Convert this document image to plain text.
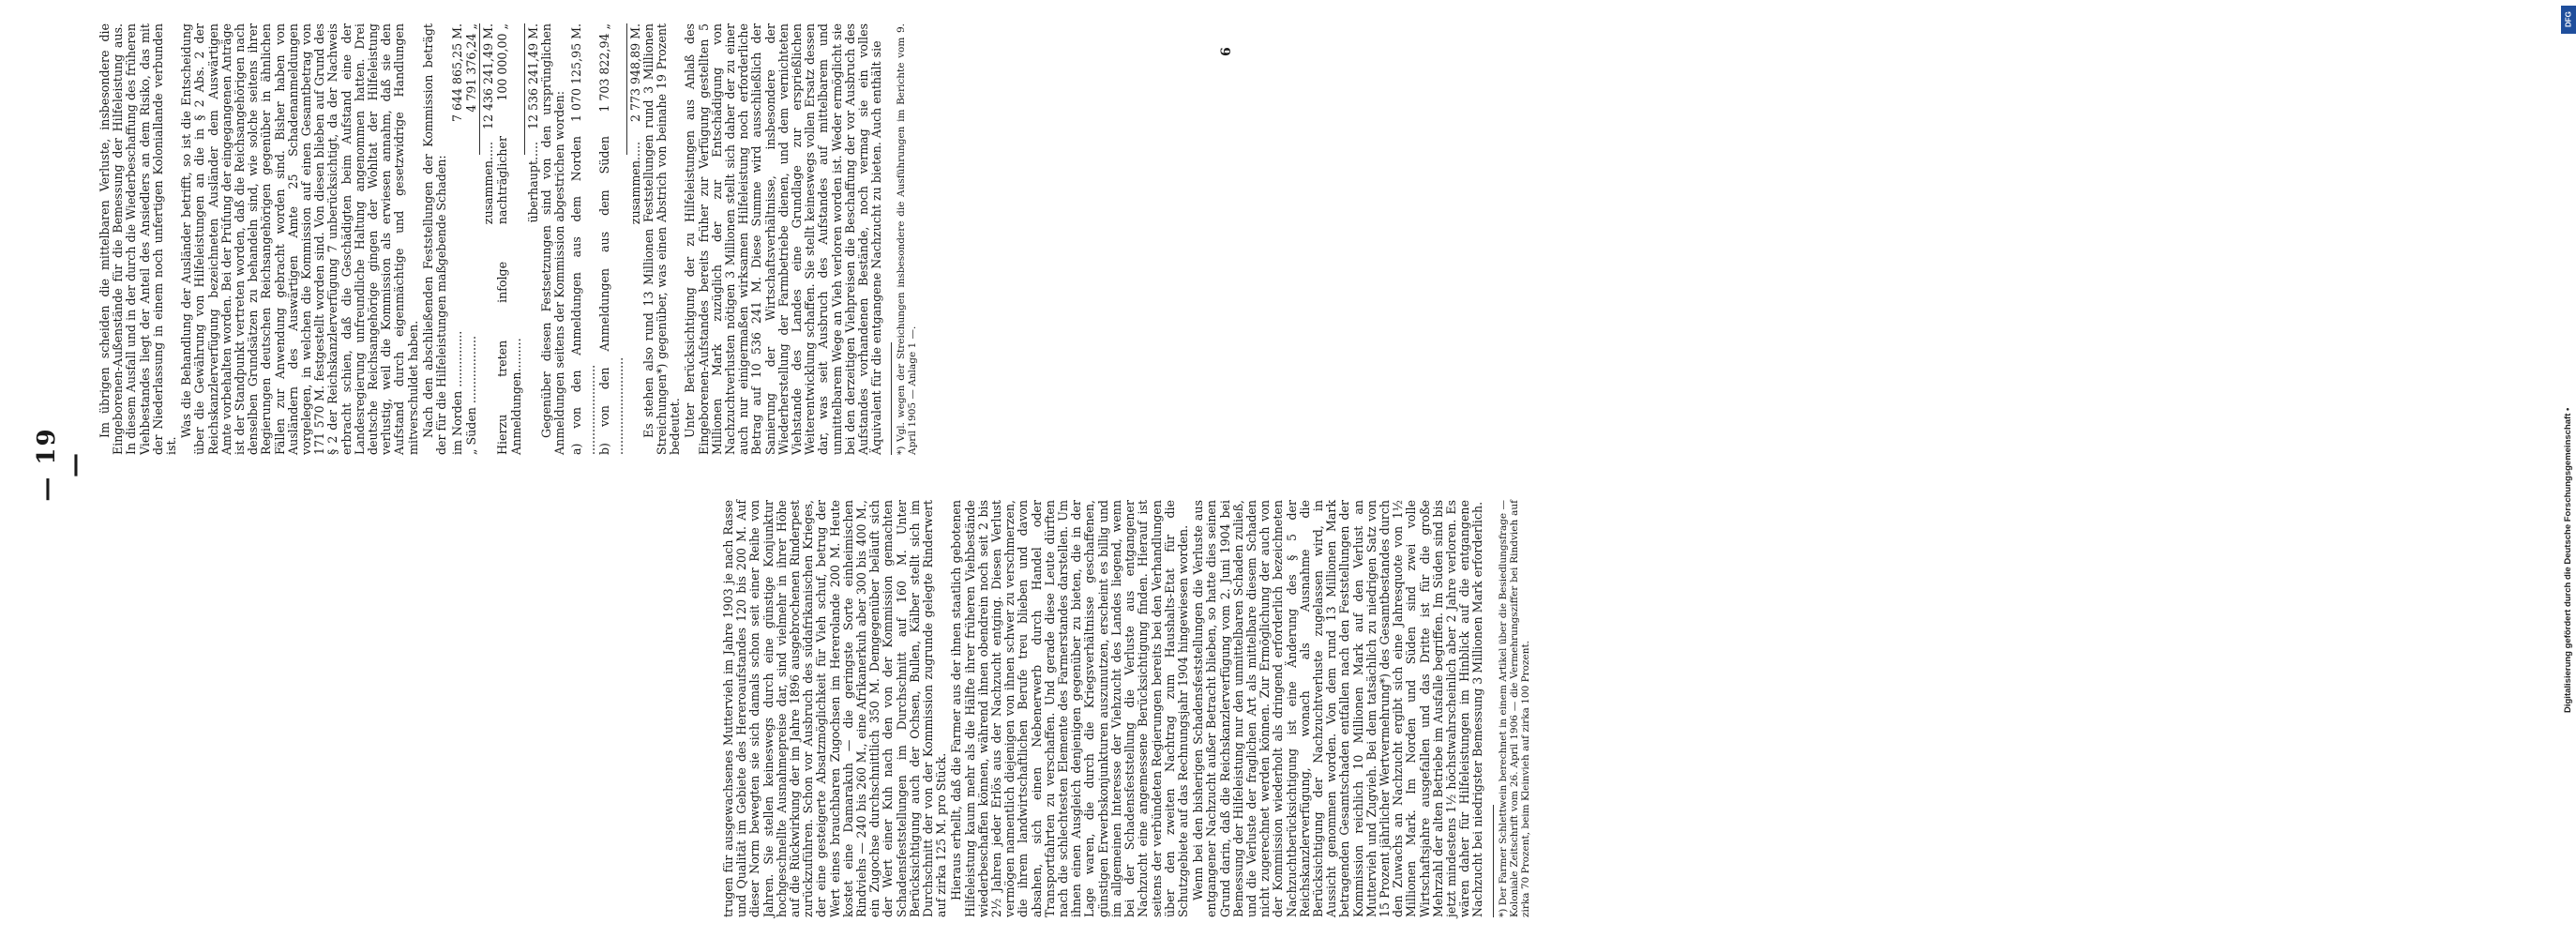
— 19 —

trugen für ausgewachsenes Muttervieh im Jahre 1903 je nach Rasse und Qualität im Gebiete des Hereroaufstandes 120 bis 200 M. Auf dieser Norm bewegten sie sich damals schon seit einer Reihe von Jahren. Sie stellen keineswegs durch eine günstige Konjunktur hochgeschnellte Ausnahmepreise dar, sind vielmehr in ihrer Höhe auf die Rückwirkung der im Jahre 1896 ausgebrochenen Rinderpest zurückzuführen. Schon vor Ausbruch des südafrikanischen Krieges, der eine gesteigerte Absatzmöglichkeit für Vieh schuf, betrug der Wert eines brauchbaren Zugochsen im Hererolande 200 M. Heute kostet eine Damarakuh — die geringste Sorte einheimischen Rindviehs — 240 bis 260 M., eine Afrikanerkuh aber 300 bis 400 M., ein Zugochse durchschnittlich 350 M. Demgegenüber beläuft sich der Wert einer Kuh nach den von der Kommission gemachten Schadensfeststellungen im Durchschnitt auf 160 M. Unter Berücksichtigung auch der Ochsen, Bullen, Kälber stellt sich im Durchschnitt der von der Kommission zugrunde gelegte Rinderwert auf zirka 125 M. pro Stück. Hieraus erhellt, daß die Farmer aus der ihnen staatlich gebotenen Hilfeleistung kaum mehr als die Hälfte ihrer früheren Viehbestände wiederbeschaffen können, während ihnen obendrein noch seit 2 bis 2½ Jahren jeder Erlös aus der Nachzucht entging. Diesen Verlust vermögen namentlich diejenigen von ihnen schwer zu verschmerzen, die ihrem landwirtschaftlichen Berufe treu blieben und davon absahen, sich einen Nebenerwerb durch Handel oder Transportfahrten zu verschaffen. Und gerade diese Leute dürften nach die schlechtesten Elemente des Farmerstandes darstellen. Um ihnen einen Ausgleich denjenigen gegenüber zu bieten, die in der Lage waren, die durch die Kriegsverhältnisse geschaffenen, günstigen Erwerbskonjunkturen auszunutzen, erscheint es billig und im allgemeinen Interesse der Viehzucht des Landes liegend, wenn bei der Schadensfeststellung die Verluste aus entgangener Nachzucht eine angemessene Berücksichtigung finden. Hierauf ist seitens der verbündeten Regierungen bereits bei den Verhandlungen über den zweiten Nachtrag zum Haushalts-Etat für die Schutzgebiete auf das Rechnungsjahr 1904 hingewiesen worden. Wenn bei den bisherigen Schadensfeststellungen die Verluste aus entgangener Nachzucht außer Betracht blieben, so hatte dies seinen Grund darin, daß die Reichskanzlerverfügung vom 2. Juni 1904 bei Bemessung der Hilfeleistung nur den unmittelbaren Schaden zuließ, und die Verluste der fraglichen Art als mittelbare diesem Schaden nicht zugerechnet werden können. Zur Ermöglichung der auch von der Kommission wiederholt als dringend erforderlich bezeichneten Nachzuchtberücksichtigung ist eine Änderung des § 5 der Reichskanzlerverfügung, wonach als Ausnahme die Berücksichtigung der Nachzuchtverluste zugelassen wird, in Aussicht genommen worden. Von dem rund 13 Millionen Mark betragenden Gesamtschaden entfallen nach den Feststellungen der Kommission reichlich 10 Millionen Mark auf den Verlust an Muttervieh und Zugvieh. Bei dem tatsächlich zu niedrigen Satz von 15 Prozent jährlicher Wertvermehrung*) des Gesamtbestandes durch den Zuwachs an Nachzucht ergibt sich eine Jahresquote von 1½ Millionen Mark. Im Norden und Süden sind zwei volle Wirtschaftsjahre ausgefallen und das Dritte ist für die große Mehrzahl der alten Betriebe im Ausfalle begriffen. Im Süden sind bis jetzt mindestens 1½ höchstwahrscheinlich aber 2 Jahre verloren. Es wären daher für Hilfeleistungen im Hinblick auf die entgangene Nachzucht bei niedrigster Bemessung 3 Millionen Mark erforderlich. *) Der Farmer Schlettwein berechnet in einem Artikel über die Besiedlungsfrage — Koloniale Zeitschrift vom 26. April 1906 — die Vermehrungsziffer bei Rindvieh auf zirka 70 Prozent, beim Kleinvieh auf zirka 100 Prozent.

Im übrigen scheiden die mittelbaren Verluste, insbesondere die Eingeborenen-Außenstände für die Bemessung der Hilfeleistung aus. In diesem Ausfall und in der durch die Wiederbeschaffung des früheren Viehbestandes liegt der Anteil des Ansiedlers an dem Risiko, das mit der Niederlassung in einem noch unfertigen Koloniallande verbunden ist.

Was die Behandlung der Ausländer betrifft, so ist die Entscheidung über die Gewährung von Hilfeleistungen an die in § 2 Abs. 2 der Reichskanzlerverfügung bezeichneten Ausländer dem Auswärtigen Amte vorbehalten worden. Bei der Prüfung der eingegangenen Anträge ist der Standpunkt vertreten worden, daß die Reichsangehörigen nach denselben Grundsätzen zu behandeln sind, wie solche seitens ihrer Regierungen deutschen Reichsangehörigen gegenüber in ähnlichen Fällen zur Anwendung gebracht worden sind. Bisher haben von Ausländern des Auswärtigen Amte 25 Schadenanmeldungen vorgelegen, in welchen die Kommission auf einen Gesamtbetrag von 171 570 M. festgestellt worden sind. Von diesen blieben auf Grund des § 2 der Reichskanzlerverfügung 7 unberücksichtigt, da der Nachweis erbracht schien, daß die Geschädigten beim Aufstand eine der Landesregierung unfreundliche Haltung angenommen hatten. Drei deutsche Reichsangehörige gingen der Wohltat der Hilfeleistung verlustig, weil die Kommission als erwiesen annahm, daß sie den Aufstand durch eigenmächtige und gesetzwidrige Handlungen mitverschuldet haben. Nach den abschließenden Feststellungen der Kommission beträgt der für die Hilfeleistungen maßgebende Schaden: im Norden ...............
7 644 865,25 M.
„ Süden ..................
4 791 376,24 „
zusammen.....
12 436 241,49 M.
Hierzu treten infolge nachträglicher Anmeldungen.........
100 000,00 „
überhaupt.....
12 536 241,49 M. Gegenüber diesen Festsetzungen sind von den ursprünglichen Anmeldungen seitens der Kommission abgestrichen worden: a) von den Anmeldungen aus dem Norden ........................
1 070 125,95 M.
b) von den Anmeldungen aus dem Süden ..........................
1 703 822,94 „
zusammen.....
2 773 948,89 M. Es stehen also rund 13 Millionen Feststellungen rund 3 Millionen Streichungen*) gegenüber, was einen Abstrich von beinahe 19 Prozent bedeutet. Unter Berücksichtigung der zu Hilfeleistungen aus Anlaß des Eingeborenen-Aufstandes bereits früher zur Verfügung gestellten 5 Millionen Mark zuzüglich der zur Entschädigung von Nachzuchtverlusten nötigen 3 Millionen stellt sich daher der zu einer auch nur einigermaßen wirksamen Hilfeleistung noch erforderliche Betrag auf 10 536 241 M. Diese Summe wird ausschließlich der Sanierung der Wirtschaftsverhältnisse, insbesondere der Wiederherstellung der Farmbetriebe dienen, und dem vernichteten Viehstande des Landes eine Grundlage zur ersprießlichen Weiterentwicklung schaffen. Sie stellt keineswegs vollen Ersatz dessen dar, was seit Ausbruch des Aufstandes auf mittelbarem und unmittelbarem Wege an Vieh verloren worden ist. Weder ermöglicht sie bei den derzeitigen Viehpreisen die Beschaffung der vor Ausbruch des Aufstandes vorhandenen Bestände, noch vermag sie ein volles Äquivalent für die entgangene Nachzucht zu bieten. Auch enthält sie *) Vgl. wegen der Streichungen insbesondere die Ausführungen im Berichte vom 9. April 1905 — Anlage 1 —.
6
DFG
Digitalisierung gefördert durch die Deutsche Forschungsgemeinschaft •
